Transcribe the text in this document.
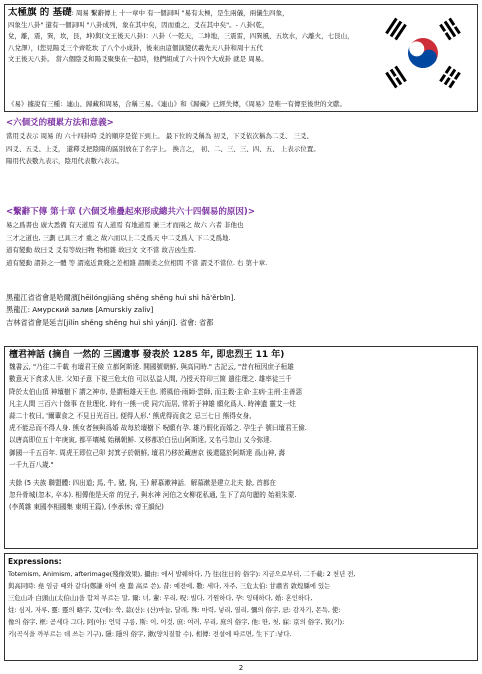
太極旗 的 基礎: 周易 繫辭傳上 十一章中 有一個詞叫 "易有太極，是生兩儀，兩儀生四象，
四象生八卦" 還有一個詞叫 "八卦成列，象在其中矣，因而重之，爻在其中矣"。- 八卦(乾，
兌，離，震，巽，坎，艮，坤)與(文王後天八卦)：八卦（一乾天，二坤地，三震雷，四巽風，五坎水，六離火，七艮山，
八兌澤），(您見陽爻三个齊乾坎 了八个小成卦，後來由這個演變伏羲先天八卦和周十五代
文王後天八卦。 當六個陰爻和陽爻聚集在一起時，他們組成了六十四个大成卦 就是 周易。
《易》據說有三種：連山、歸藏和周易，合稱三易。《連山》和《歸藏》已經失傳，《周易》是唯一有傳至後世的文獻。
<六個爻的積累方法和意義>
當用爻表示 周易 的 六十四卦時 爻的順序是從下到上。 最下位的爻稱為 初爻，下爻依次稱為二爻、 三爻、
四爻、五爻、上爻， 還釋爻把陰陽的區別放在了名字上。 換言之， 初、二、三、三、四、五、 上表示位置。
陽用代表數九表示，陰用代表數六表示。
<繫辭下傳 第十章 (六個爻堆疊起來形成總共六十四個易的原因)>
易之爲書也 廣大悉備 有天道焉 有人道焉 有地道焉 兼三才而兩之 故六 六者 非他也
三才之道也, 三劃 已具三才 重之 故六而以上二爻爲天 中二爻爲人 下二爻爲地.
道有變動 故曰爻 爻有等故曰物 物相雜 故曰文 文不當 故吉凶生焉.
道有變動 謂卦之一體 等 謂遠近貴賤之差相雜 謂剛柔之位相間 不當 謂爻不當位. 右 第十章.
黑龍江省省會是哈爾濱[hēilóngjiāng shěng shěng huì shì hā'ěrbīn].
黑龍江: Амурский залив [Amurskiy zaliv]
吉林省省會是延吉[jílín shěng shěng huì shì yánjí]. 省會: 省都
檀君神話 (摘自 一然的 三國遺事 發表於 1285 年, 即忠烈王 11 年)
魏書云, "乃往二千載 有壇君王儉 立都阿斯達. 開國號朝鮮, 與高同時." 古記云, "昔有桓因庶子桓雄
數意天下貪求人世. 父知子意 下視三危太伯 可以弘益人間, 乃授天符印三箇 遣往理之. 雄率徒三千
降於太伯山頂 神壇樹下 謂之神市, 是謂桓雄天王也. 將風伯·雨師·雲師, 而主穀·主命·主病·主刑·主善惡
凡主人間 三百六十餘事 在世理化. 時有一熊一虎 同穴而居, 常祈于神雄 願化爲人. 時神遺 靈艾一炷
蒜二十枚曰, '爾輩食之 不見日光百日, 便得人形.' 熊虎得而食之 忌三七日 熊得女身,
虎不能忌而不得人身. 熊女者無與爲婚 故每於壇樹下 呪願有孕. 雄乃假化而婚之. 孕生子 號曰壇君王儉.
以唐高即位五十年庚寅, 都平壤城 始稱朝鮮. 又移都於白岳山阿斯達, 又名弓忽山 又今弥達.
御國一千五百年. 周虎王即位己卯 封箕子於朝鮮, 壇君乃移於藏唐京 後還隱於阿斯達 爲山神, 壽
一千九百八歲."
夫餘 (5 夫族 聯盟體: 四出道; 馬, 牛, 豬, 狗, 王) 解慕漱神話．解慕漱是建立北夫 餘, 首都在
忽升骨城(忽本, 卒本). 相傳他是天帝 的兒子, 與水神 河伯之女柳花私通, 生下了高句麗的 始祖朱蒙.
(李萬雜 東國李相國集 東明王篇), (李承休; 帝王韻紀)
Expressions:
Totemism, Animism, afterimage(殘像效果), 攝由: 에서 발췌하다, 乃 往(往日的 俗字): 지금으로부터, 二千載: 2 천년 전,
與高同時: 堯 임금 때와 같다(鄭謙 하여 堯 蠢 高로 쓴), 昔: 예전에, 數: 세다, 자주, 三危太伯: 甘肅省 敦煌縣에 있는
三危山과 白頭山(太伯山)을 합쳐 부르는 말, 爾: 너, 輩: 무리, 呪: 빌다, 기원하다, 孕: 잉태하다, 婚: 혼인하다,
炷: 심지, 자루, 靈: 靈의 略字, 艾(애): 쑥, 蒜(산): (산)마늘, 달래, 殊: 마력, 넣리, 열리, 彌의 俗字, 忌: 감자기, 몬득, 使:
像의 俗字, 框: 곧세다 그다, 阿(아): 언덕 구릉, 斯: 이, 이것, 庶: 여러, 무리, 庶의 俗字, 他: 딴, 첫, 寐: 京의 俗字, 箕(기):
키(곡식을 까부르는 데 쓰는 기구), 隱: 隱의 俗字, 漱(양치질할 수), 相傳: 전설에 따르면, 生下了:낳다.
2
